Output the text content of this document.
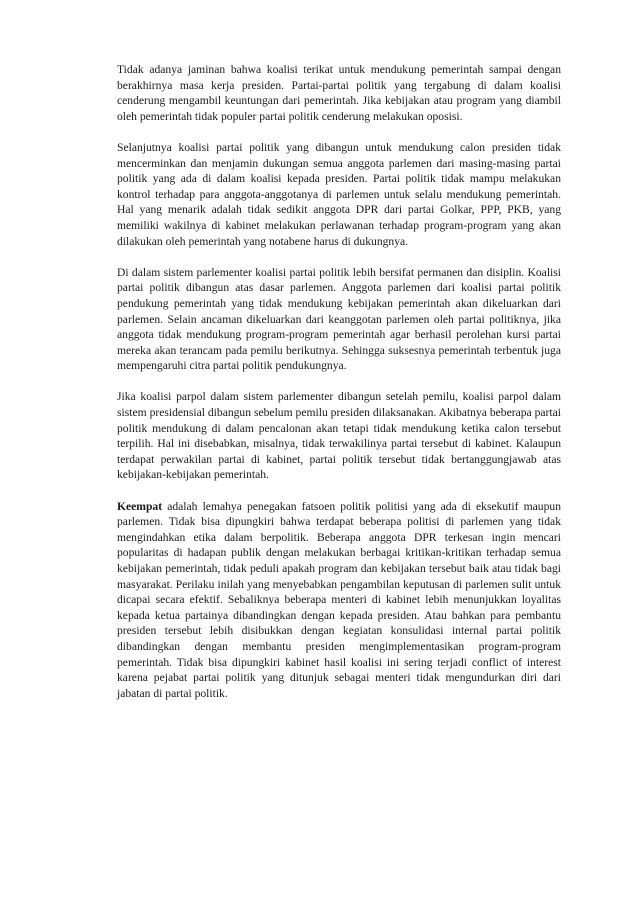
Tidak adanya jaminan bahwa koalisi terikat untuk mendukung pemerintah sampai dengan berakhirnya masa kerja presiden. Partai-partai politik yang tergabung di dalam koalisi cenderung mengambil keuntungan dari pemerintah. Jika kebijakan atau program yang diambil oleh pemerintah tidak populer partai politik cenderung melakukan oposisi.

Selanjutnya koalisi partai politik yang dibangun untuk mendukung calon presiden tidak mencerminkan dan menjamin dukungan semua anggota parlemen dari masing-masing partai politik yang ada di dalam koalisi kepada presiden. Partai politik tidak mampu melakukan kontrol terhadap para anggota-anggotanya di parlemen untuk selalu mendukung pemerintah. Hal yang menarik adalah tidak sedikit anggota DPR dari partai Golkar, PPP, PKB, yang memiliki wakilnya di kabinet melakukan perlawanan terhadap program-program yang akan dilakukan oleh pemerintah yang notabene harus di dukungnya.

Di dalam sistem parlementer koalisi partai politik lebih bersifat permanen dan disiplin. Koalisi partai politik dibangun atas dasar parlemen. Anggota parlemen dari koalisi partai politik pendukung pemerintah yang tidak mendukung kebijakan pemerintah akan dikeluarkan dari parlemen. Selain ancaman dikeluarkan dari keanggotan parlemen oleh partai politiknya, jika anggota tidak mendukung program-program pemerintah agar berhasil perolehan kursi partai mereka akan terancam pada pemilu berikutnya. Sehingga suksesnya pemerintah terbentuk juga mempengaruhi citra partai politik pendukungnya.

Jika koalisi parpol dalam sistem parlementer dibangun setelah pemilu, koalisi parpol dalam sistem presidensial dibangun sebelum pemilu presiden dilaksanakan. Akibatnya beberapa partai politik mendukung di dalam pencalonan akan tetapi tidak mendukung ketika calon tersebut terpilih. Hal ini disebabkan, misalnya, tidak terwakilinya partai tersebut di kabinet. Kalaupun terdapat perwakilan partai di kabinet, partai politik tersebut tidak bertanggungjawab atas kebijakan-kebijakan pemerintah.

Keempat adalah lemahya penegakan fatsoen politik politisi yang ada di eksekutif maupun parlemen. Tidak bisa dipungkiri bahwa terdapat beberapa politisi di parlemen yang tidak mengindahkan etika dalam berpolitik. Beberapa anggota DPR terkesan ingin mencari popularitas di hadapan publik dengan melakukan berbagai kritikan-kritikan terhadap semua kebijakan pemerintah, tidak peduli apakah program dan kebijakan tersebut baik atau tidak bagi masyarakat. Perilaku inilah yang menyebabkan pengambilan keputusan di parlemen sulit untuk dicapai secara efektif. Sebaliknya beberapa menteri di kabinet lebih menunjukkan loyalitas kepada ketua partainya dibandingkan dengan kepada presiden. Atau bahkan para pembantu presiden tersebut lebih disibukkan dengan kegiatan konsulidasi internal partai politik dibandingkan dengan membantu presiden mengimplementasikan program-program pemerintah. Tidak bisa dipungkiri kabinet hasil koalisi ini sering terjadi conflict of interest karena pejabat partai politik yang ditunjuk sebagai menteri tidak mengundurkan diri dari jabatan di partai politik.
